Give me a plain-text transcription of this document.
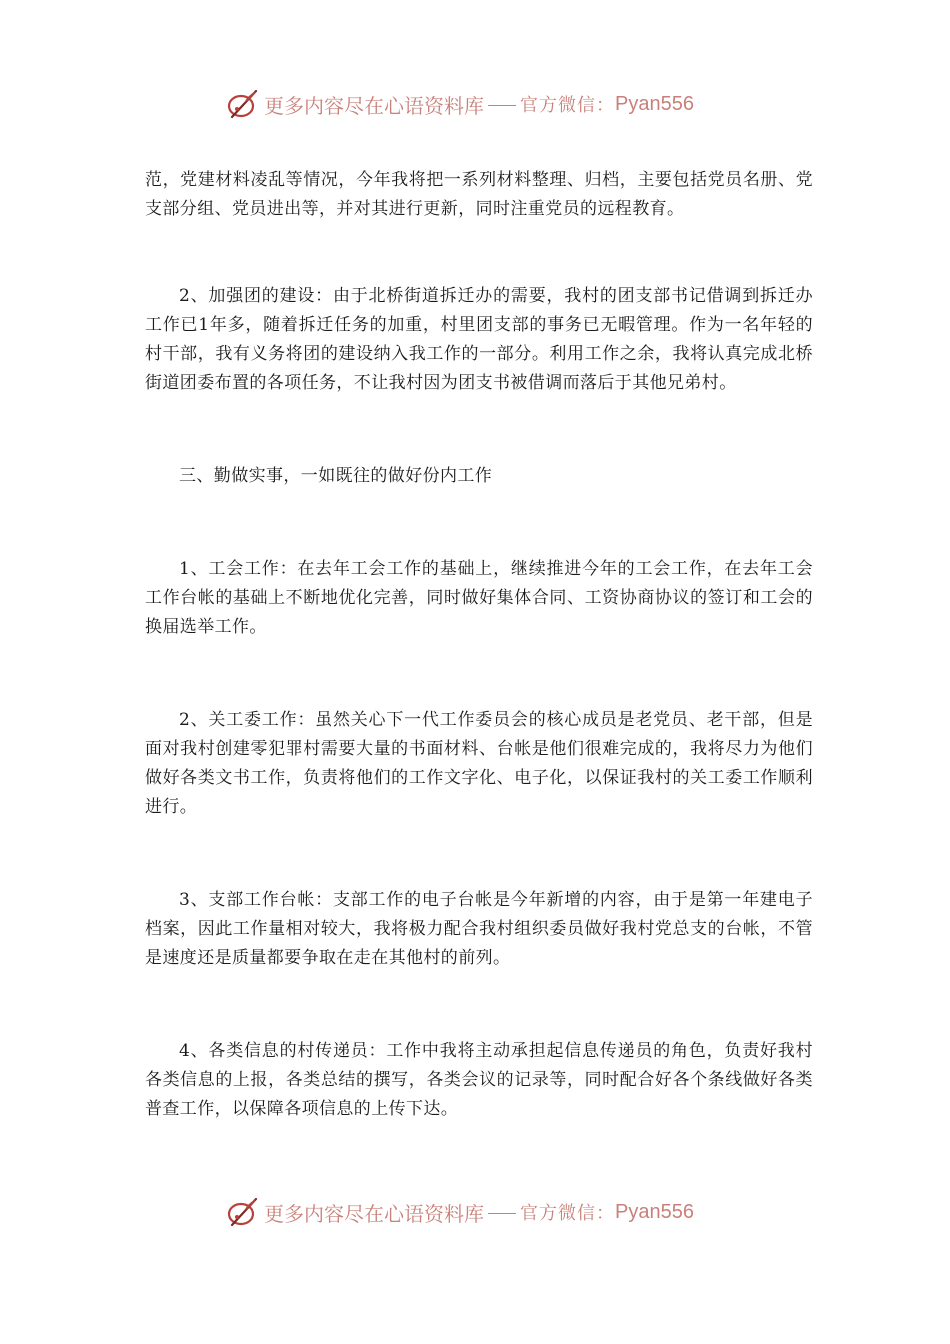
更多内容尽在心语资料库 官方微信： Pyan556

范，党建材料凌乱等情况，今年我将把一系列材料整理、归档，主要包括党员名册、党支部分组、党员进出等，并对其进行更新，同时注重党员的远程教育。

2、加强团的建设：由于北桥街道拆迁办的需要，我村的团支部书记借调到拆迁办工作已1年多，随着拆迁任务的加重，村里团支部的事务已无暇管理。作为一名年轻的村干部，我有义务将团的建设纳入我工作的一部分。利用工作之余，我将认真完成北桥街道团委布置的各项任务，不让我村因为团支书被借调而落后于其他兄弟村。

三、勤做实事，一如既往的做好份内工作

1、工会工作：在去年工会工作的基础上，继续推进今年的工会工作，在去年工会工作台帐的基础上不断地优化完善，同时做好集体合同、工资协商协议的签订和工会的换届选举工作。

2、关工委工作：虽然关心下一代工作委员会的核心成员是老党员、老干部，但是面对我村创建零犯罪村需要大量的书面材料、台帐是他们很难完成的，我将尽力为他们做好各类文书工作，负责将他们的工作文字化、电子化，以保证我村的关工委工作顺利进行。

3、支部工作台帐：支部工作的电子台帐是今年新增的内容，由于是第一年建电子档案，因此工作量相对较大，我将极力配合我村组织委员做好我村党总支的台帐，不管是速度还是质量都要争取在走在其他村的前列。

4、各类信息的村传递员：工作中我将主动承担起信息传递员的角色，负责好我村各类信息的上报，各类总结的撰写，各类会议的记录等，同时配合好各个条线做好各类普查工作，以保障各项信息的上传下达。

更多内容尽在心语资料库 官方微信： Pyan556
